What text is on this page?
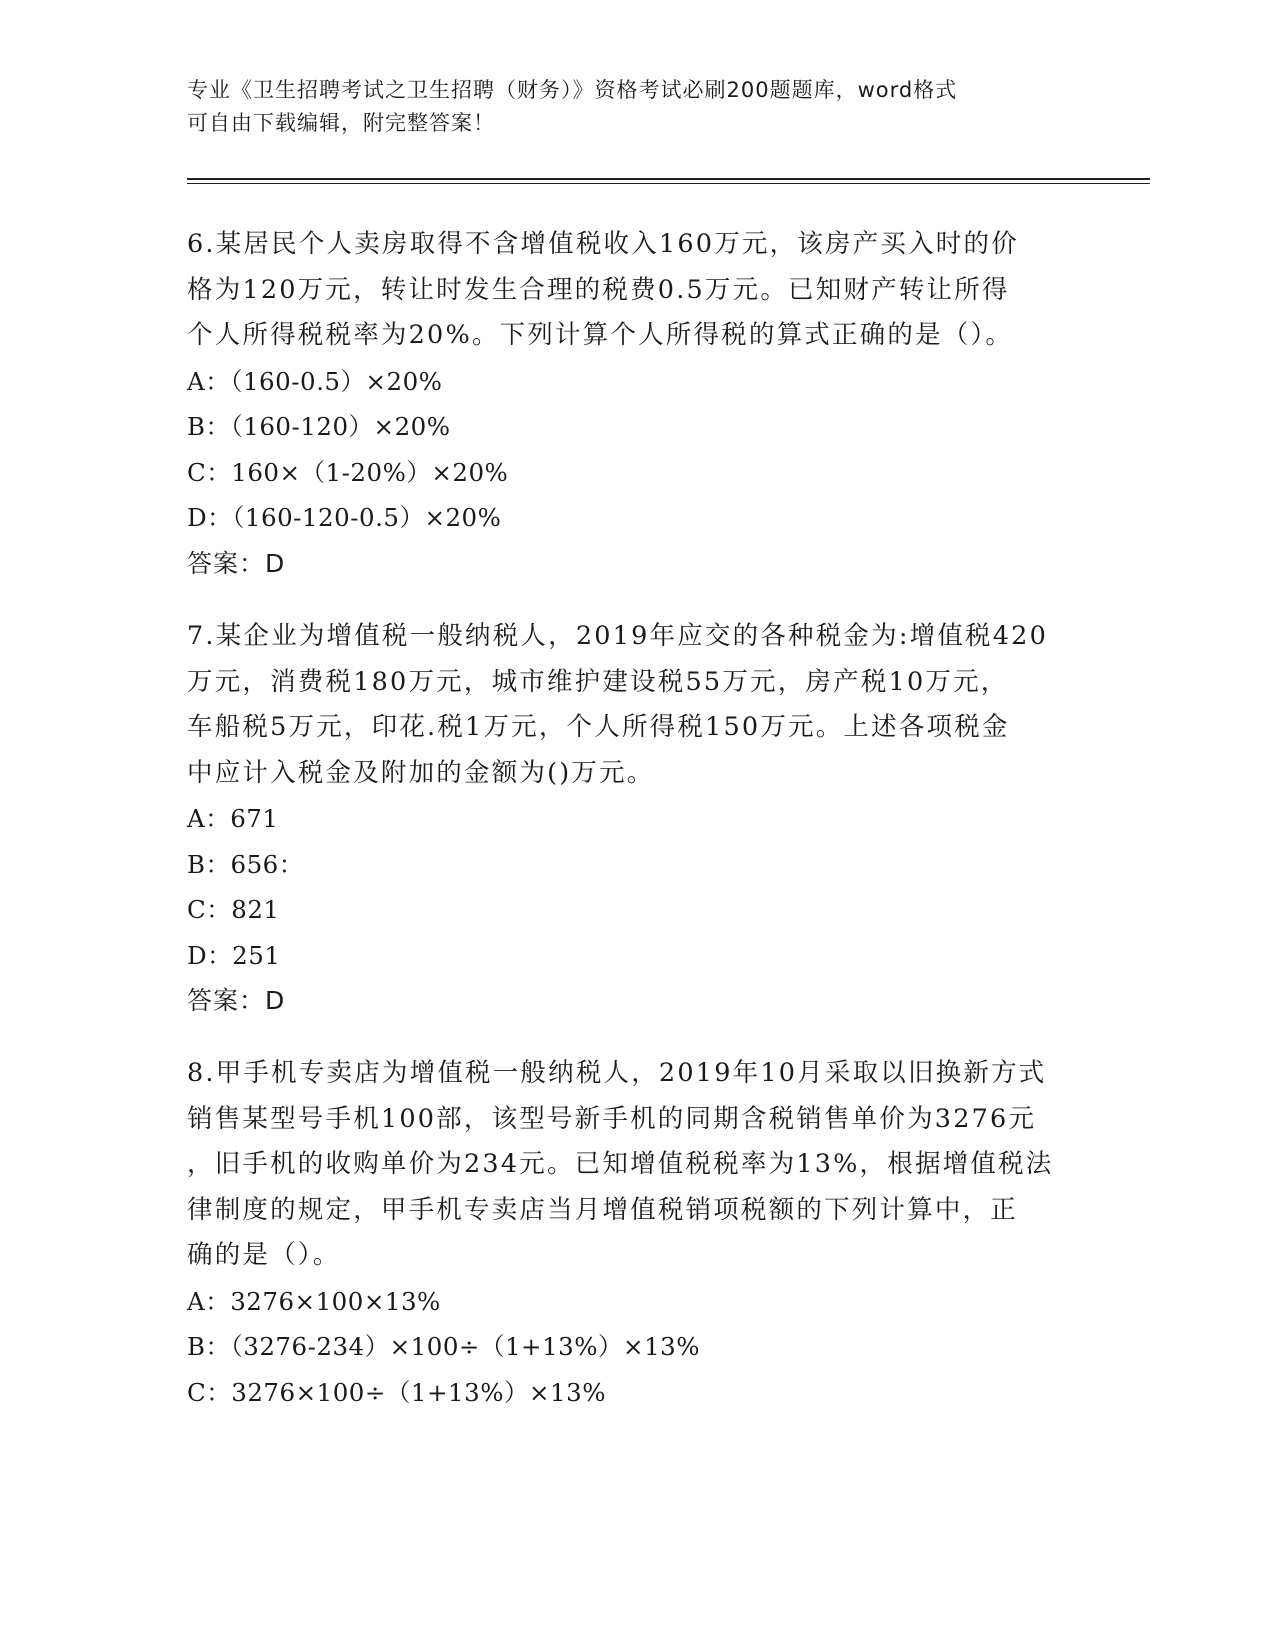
专业《卫生招聘考试之卫生招聘（财务）》资格考试必刷200题题库，word格式
可自由下载编辑，附完整答案！

6.某居民个人卖房取得不含增值税收入160万元，该房产买入时的价

格为120万元，转让时发生合理的税费0.5万元。已知财产转让所得

个人所得税税率为20%。下列计算个人所得税的算式正确的是（）。

A：（160-0.5）×20%

B：（160-120）×20%

C：160×（1-20%）×20%

D：（160-120-0.5）×20%

答案：D

7.某企业为增值税一般纳税人，2019年应交的各种税金为:增值税420

万元，消费税180万元，城市维护建设税55万元，房产税10万元，

车船税5万元，印花.税1万元，个人所得税150万元。上述各项税金

中应计入税金及附加的金额为()万元。

A：671

B：656：

C：821

D：251

答案：D

8.甲手机专卖店为增值税一般纳税人，2019年10月采取以旧换新方式

销售某型号手机100部，该型号新手机的同期含税销售单价为3276元

，旧手机的收购单价为234元。已知增值税税率为13%，根据增值税法

律制度的规定，甲手机专卖店当月增值税销项税额的下列计算中，正

确的是（）。

A：3276×100×13%

B：（3276-234）×100÷（1+13%）×13%

C：3276×100÷（1+13%）×13%
